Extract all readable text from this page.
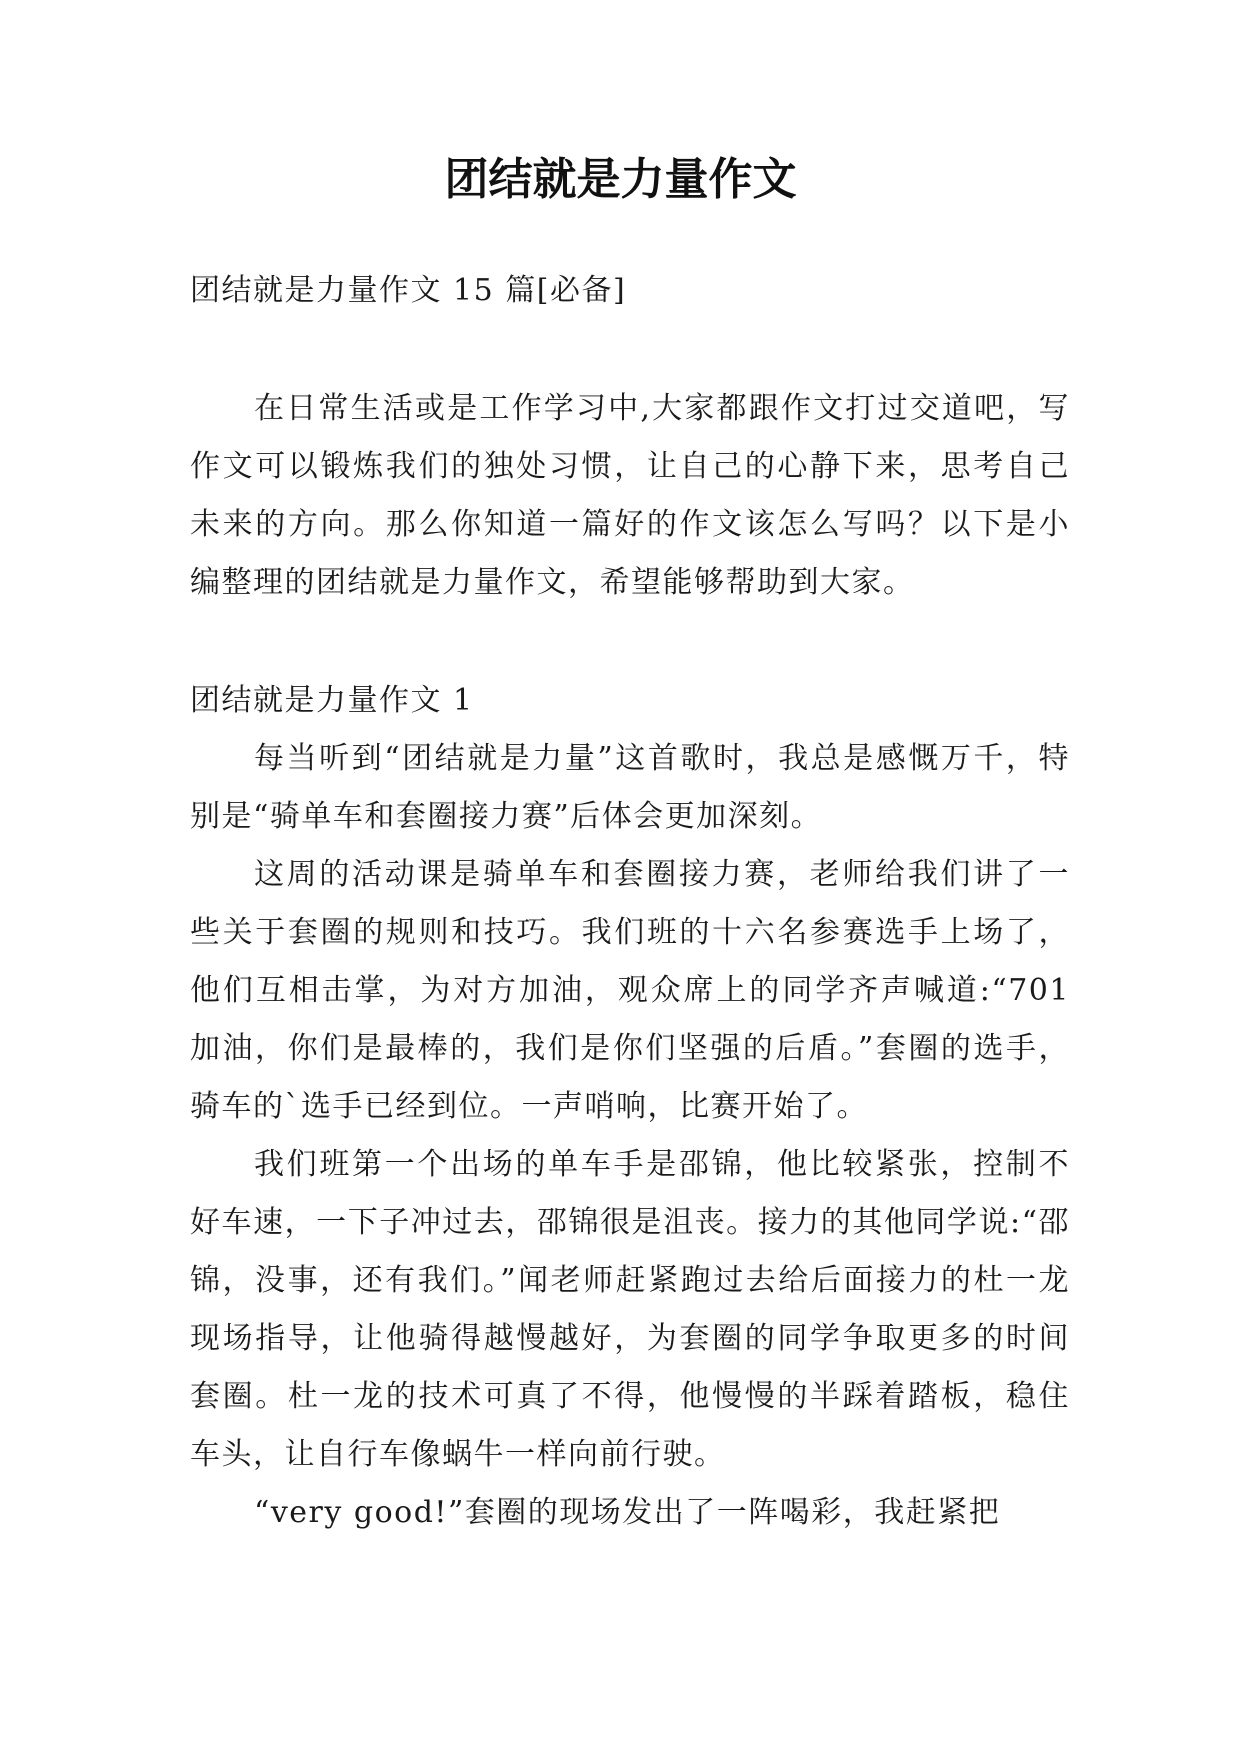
团结就是力量作文

团结就是力量作文 15 篇[必备]

在日常生活或是工作学习中,大家都跟作文打过交道吧，写作文可以锻炼我们的独处习惯，让自己的心静下来，思考自己未来的方向。那么你知道一篇好的作文该怎么写吗？以下是小编整理的团结就是力量作文，希望能够帮助到大家。

团结就是力量作文 1

每当听到“团结就是力量”这首歌时，我总是感慨万千，特别是“骑单车和套圈接力赛”后体会更加深刻。

这周的活动课是骑单车和套圈接力赛，老师给我们讲了一些关于套圈的规则和技巧。我们班的十六名参赛选手上场了，他们互相击掌，为对方加油，观众席上的同学齐声喊道:“701 加油，你们是最棒的，我们是你们坚强的后盾。”套圈的选手，骑车的`选手已经到位。一声哨响，比赛开始了。

我们班第一个出场的单车手是邵锦，他比较紧张，控制不好车速，一下子冲过去，邵锦很是沮丧。接力的其他同学说:“邵锦，没事，还有我们。”闻老师赶紧跑过去给后面接力的杜一龙现场指导，让他骑得越慢越好，为套圈的同学争取更多的时间套圈。杜一龙的技术可真了不得，他慢慢的半踩着踏板，稳住车头，让自行车像蜗牛一样向前行驶。

“very good!”套圈的现场发出了一阵喝彩，我赶紧把
